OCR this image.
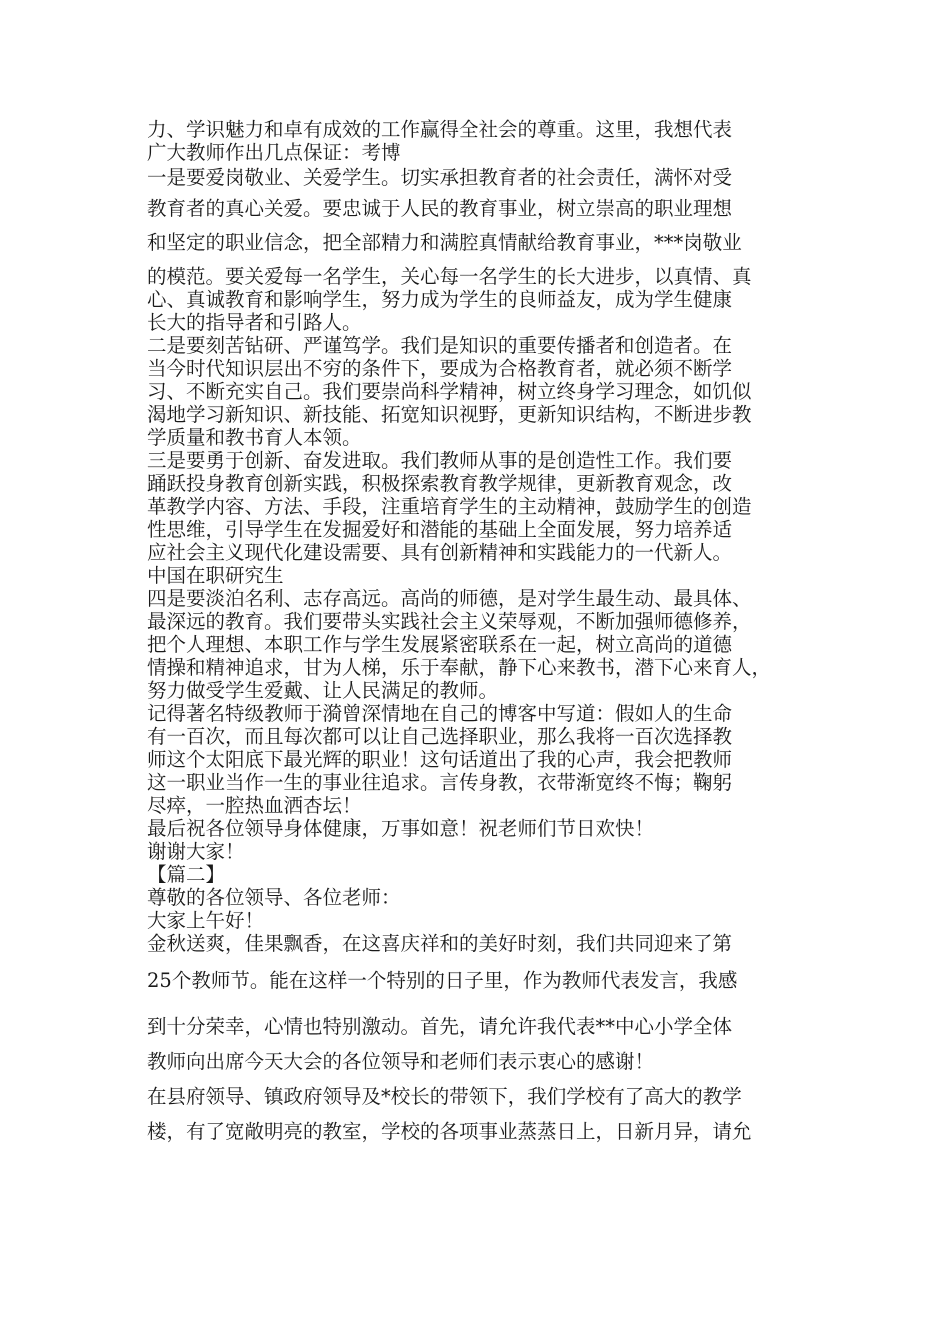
力、学识魅力和卓有成效的工作赢得全社会的尊重。这里，我想代表
广大教师作出几点保证：考博
一是要爱岗敬业、关爱学生。切实承担教育者的社会责任，满怀对受
教育者的真心关爱。要忠诚于人民的教育事业，树立崇高的职业理想
和坚定的职业信念，把全部精力和满腔真情献给教育事业，***岗敬业
的模范。要关爱每一名学生，关心每一名学生的长大进步，以真情、真
心、真诚教育和影响学生，努力成为学生的良师益友，成为学生健康
长大的指导者和引路人。
二是要刻苦钻研、严谨笃学。我们是知识的重要传播者和创造者。在
当今时代知识层出不穷的条件下，要成为合格教育者，就必须不断学
习、不断充实自己。我们要崇尚科学精神，树立终身学习理念，如饥似
渴地学习新知识、新技能、拓宽知识视野，更新知识结构，不断进步教
学质量和教书育人本领。
三是要勇于创新、奋发进取。我们教师从事的是创造性工作。我们要
踊跃投身教育创新实践，积极探索教育教学规律，更新教育观念，改
革教学内容、方法、手段，注重培育学生的主动精神，鼓励学生的创造
性思维，引导学生在发掘爱好和潜能的基础上全面发展，努力培养适
应社会主义现代化建设需要、具有创新精神和实践能力的一代新人。
中国在职研究生
四是要淡泊名利、志存高远。高尚的师德，是对学生最生动、最具体、
最深远的教育。我们要带头实践社会主义荣辱观，不断加强师德修养，
把个人理想、本职工作与学生发展紧密联系在一起，树立高尚的道德
情操和精神追求，甘为人梯，乐于奉献，静下心来教书，潜下心来育人，
努力做受学生爱戴、让人民满足的教师。
记得著名特级教师于漪曾深情地在自己的博客中写道：假如人的生命
有一百次，而且每次都可以让自己选择职业，那么我将一百次选择教
师这个太阳底下最光辉的职业！这句话道出了我的心声，我会把教师
这一职业当作一生的事业往追求。言传身教，衣带渐宽终不悔；鞠躬
尽瘁，一腔热血洒杏坛！
最后祝各位领导身体健康，万事如意！祝老师们节日欢快！
谢谢大家！
【篇二】
尊敬的各位领导、各位老师：
大家上午好！
金秋送爽，佳果飘香，在这喜庆祥和的美好时刻，我们共同迎来了第
25个教师节。能在这样一个特别的日子里，作为教师代表发言，我感
到十分荣幸，心情也特别激动。首先，请允许我代表**中心小学全体
教师向出席今天大会的各位领导和老师们表示衷心的感谢！
在县府领导、镇政府领导及*校长的带领下，我们学校有了高大的教学
楼，有了宽敞明亮的教室，学校的各项事业蒸蒸日上，日新月异，请允
